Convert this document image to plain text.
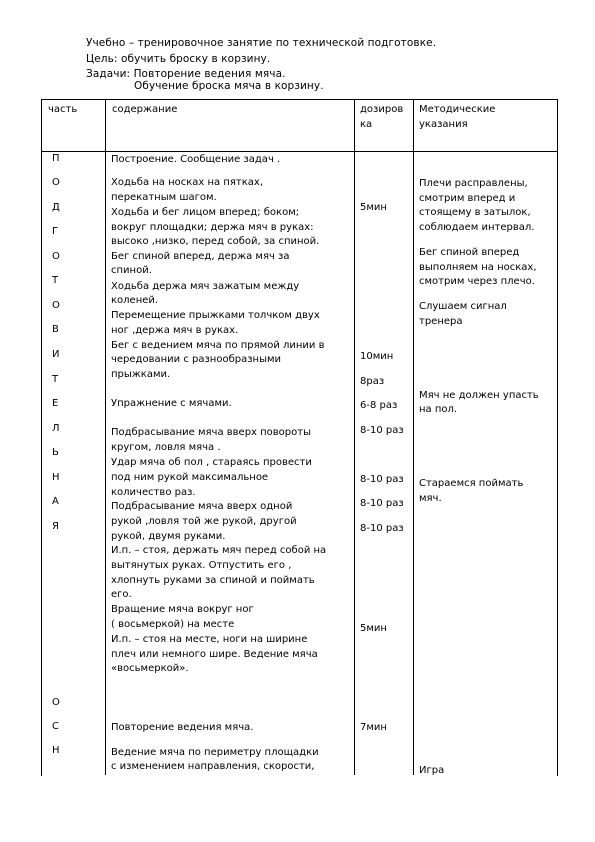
Учебно – тренировочное занятие по технической подготовке.
Цель: обучить броску в корзину.
Задачи: Повторение ведения мяча.
Обучение броска мяча в корзину.
часть	содержание	дозиров
ка
Методические
указания
П
О
Д
Г
О
Т
О
В
И
Т
Е
Л
Ь
Н
А
Я
О
С
Н
Построение. Сообщение задач .
Ходьба на носках на пятках,
перекатным шагом.
Ходьба и бег лицом вперед; боком;
вокруг площадки; держа мяч в руках:
высоко ,низко, перед собой, за спиной.
Бег спиной вперед, держа мяч за
спиной.
Ходьба держа мяч зажатым между
коленей.
Перемещение прыжками толчком двух
ног ,держа мяч в руках.
Бег с ведением мяча по прямой линии в
чередовании с разнообразными
прыжками.
Упражнение с мячами.
Подбрасывание мяча вверх повороты
кругом, ловля мяча .
Удар мяча об пол , стараясь провести
под ним рукой максимальное
количество раз.
Подбрасывание мяча вверх одной
рукой ,ловля той же рукой, другой
рукой, двумя руками.
И.п. – стоя, держать мяч перед собой на
вытянутых руках. Отпустить его ,
хлопнуть руками за спиной и поймать
его.
Вращение мяча вокруг ног
( восьмеркой) на месте
И.п. – стоя на месте, ноги на ширине
плеч или немного шире. Ведение мяча
«восьмеркой».
Повторение ведения мяча.
Ведение мяча по периметру площадки
с изменением направления, скорости,
5мин
10мин
8раз
6-8 раз
8-10 раз
8-10 раз
8-10 раз
8-10 раз
5мин
7мин
Плечи расправлены,
смотрим вперед и
стоящему в затылок,
соблюдаем интервал.
Бег спиной вперед
выполняем на носках,
смотрим через плечо.
Слушаем сигнал
тренера
Мяч не должен упасть
на пол.
Стараемся поймать
мяч.
Игра
